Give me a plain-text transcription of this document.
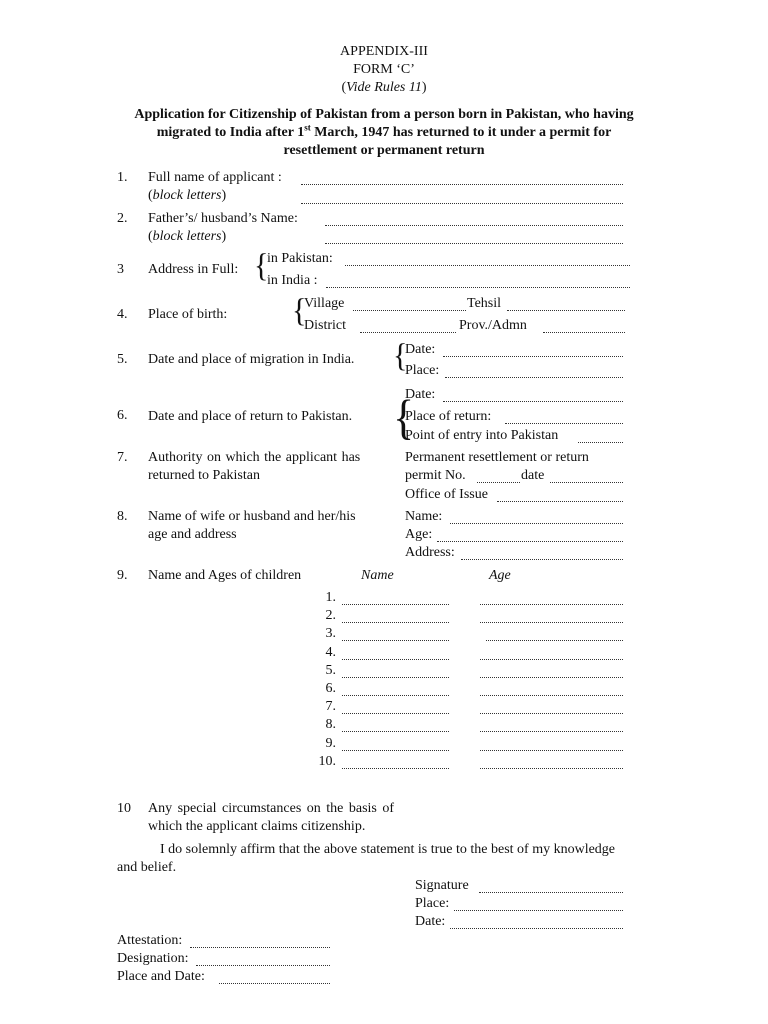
APPENDIX-III
FORM ‘C’
(Vide Rules 11)
Application for Citizenship of Pakistan from a person born in Pakistan, who having
migrated to India after 1st March, 1947 has returned to it under a permit for
resettlement or permanent return
1. Full name of applicant :
(block letters)
2. Father’s/ husband’s Name:
(block letters)
3 Address in Full: {
in Pakistan:
in India :
4. Place of birth: {
Village	Tehsil
District	Prov./Admn
5. Date and place of migration in India. {
Date:
Place:
6. Date and place of return to Pakistan. {
Date:
Place of return:
Point of entry into Pakistan
7. Authority on which the applicant has
returned to Pakistan
Permanent resettlement or return
permit No.	date
Office of Issue
8. Name of wife or husband and her/his
age and address
Name:
Age:
Address:
9. Name and Ages of children	Name	Age
1.
2.
3.
4.
5.
6.
7.
8.
9.
10.
10 Any special circumstances on the basis of
which the applicant claims citizenship.
I do solemnly affirm that the above statement is true to the best of my knowledge
and belief.
Signature
Place:
Date:
Attestation:
Designation:
Place and Date:
